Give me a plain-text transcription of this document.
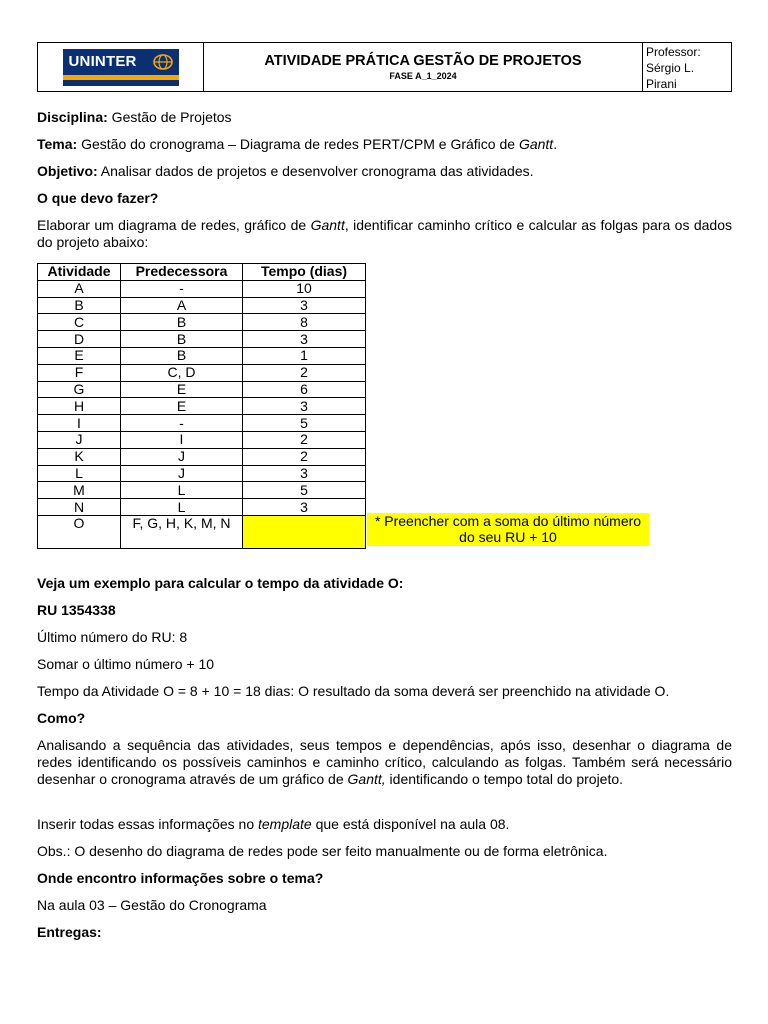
UNINTER	ATIVIDADE PRÁTICA GESTÃO DE PROJETOS
FASE A_1_2024
Professor:
Sérgio L.
Pirani

Disciplina: Gestão de Projetos

Tema: Gestão do cronograma – Diagrama de redes PERT/CPM e Gráfico de Gantt.

Objetivo: Analisar dados de projetos e desenvolver cronograma das atividades.

O que devo fazer?

Elaborar um diagrama de redes, gráfico de Gantt, identificar caminho crítico e calcular as folgas para os dados do projeto abaixo:

Atividade	Predecessora	Tempo (dias)
A	-	10
B	A	3
C	B	8
D	B	3
E	B	1
F	C, D	2
G	E	6
H	E	3
I	-	5
J	I	2
K	J	2
L	J	3
M	L	5
N	L	3
O	F, G, H, K, M, N		* Preencher com a soma do último número do seu RU + 10

Veja um exemplo para calcular o tempo da atividade O:

RU 1354338

Último número do RU: 8

Somar o último número + 10

Tempo da Atividade O = 8 + 10 = 18 dias: O resultado da soma deverá ser preenchido na atividade O.

Como?

Analisando a sequência das atividades, seus tempos e dependências, após isso, desenhar o diagrama de redes identificando os possíveis caminhos e caminho crítico, calculando as folgas. Também será necessário desenhar o cronograma através de um gráfico de Gantt, identificando o tempo total do projeto.

Inserir todas essas informações no template que está disponível na aula 08.

Obs.: O desenho do diagrama de redes pode ser feito manualmente ou de forma eletrônica.

Onde encontro informações sobre o tema?

Na aula 03 – Gestão do Cronograma

Entregas:
